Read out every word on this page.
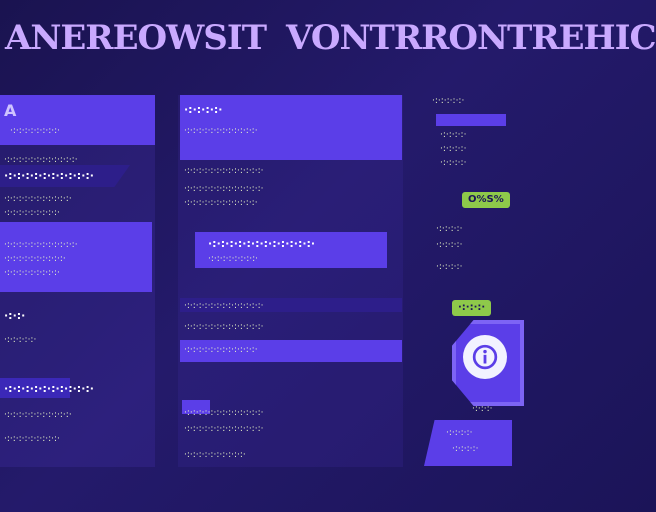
ANEREOWSIT VONTRRONTREHIC
A
·:·:·:·:·:·:·:·:·
·:·:·:·:·:·:·:·:·:·:·:·:·
·:·:·:·:·:·:·:·:·:·:·
·:·:·:·:·:·:·:·:·:·:·:·
·:·:·:·:·:·:·:·:·:·
·:·:·:·:·:·:·:·:·:·:·:·:·
·:·:·:·:·:·:·:·:·:·:·
·:·:·:·:·:·:·:·:·:·
·:·:·
·:·:·:·:·:·
·:·:·:·:·:·:·:·:·:·:·
·:·:·:·:·:·:·:·:·:·:·:·
·:·:·:·:·:·:·:·:·:·
·:·:·:·:·
·:·:·:·:·:·:·:·:·:·:·:·:·
·:·:·:·:·:·:·:·:·:·:·:·:·:·
·:·:·:·:·:·:·:·:·:·:·:·:·:·
·:·:·:·:·:·:·:·:·:·:·:·:·
·:·:·:·:·:·:·:·:·:·:·:·:·
·:·:·:·:·:·:·:·:·
·:·:·:·:·:·:·:·:·:·:·:·:·:·
·:·:·:·:·:·:·:·:·:·:·:·:·:·
·:·:·:·:·:·:·:·:·:·:·:·:·
·:·:·:·:·:·:·:·:·:·:·:·:·:·
·:·:·:·:·:·:·:·:·:·:·:·:·:·
·:·:·:·:·:·:·:·:·:·:·
·:·:·:·:·:·
·:·:·:·:·
·:·:·:·:·
·:·:·:·:·
O%S%
·:·:·:·:·
·:·:·:·:·
·:·:·:·:·
·:·:·:·
·:·:·:·
·:·:·:·:·
·:·:·:·:·
